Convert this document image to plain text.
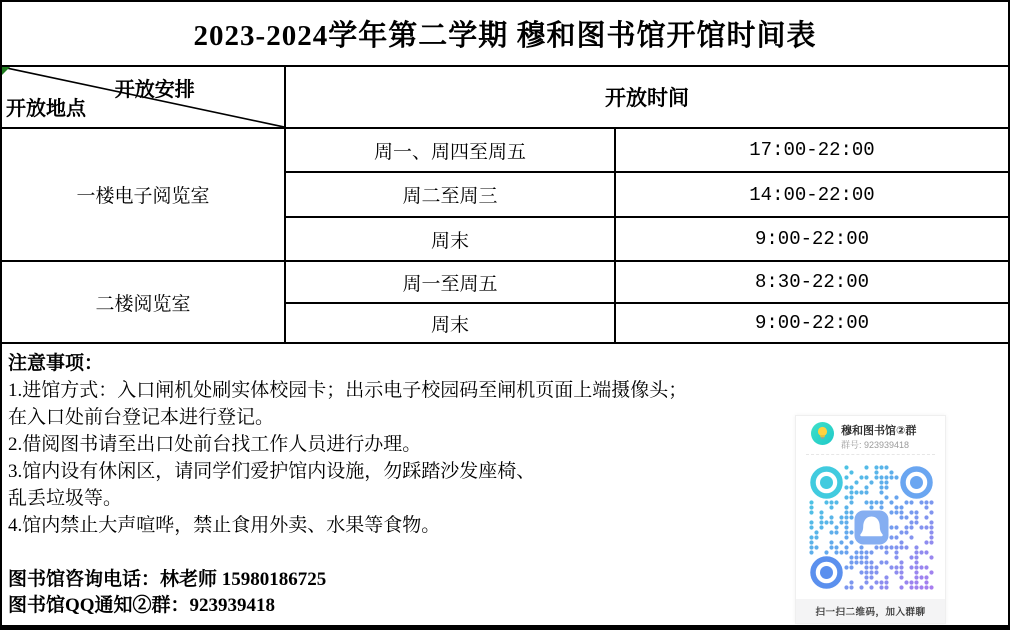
2023-2024学年第二学期 穆和图书馆开馆时间表		

开放安排
开放地点	开放时间	
一楼电子阅览室	周一、周四至周五	17:00-22:00
	周二至周三	14:00-22:00
	周末	9:00-22:00
二楼阅览室	周一至周五	8:30-22:00
	周末	9:00-22:00
注意事项：
1.进馆方式：入口闸机处刷实体校园卡；出示电子校园码至闸机页面上端摄像头；
在入口处前台登记本进行登记。
2.借阅图书请至出口处前台找工作人员进行办理。
3.馆内设有休闲区，请同学们爱护馆内设施，勿踩踏沙发座椅、
乱丢垃圾等。
4.馆内禁止大声喧哗，禁止食用外卖、水果等食物。
图书馆咨询电话：林老师 15980186725
图书馆QQ通知②群：923939418
穆和图书馆②群
群号: 923939418
扫一扫二维码，加入群聊
